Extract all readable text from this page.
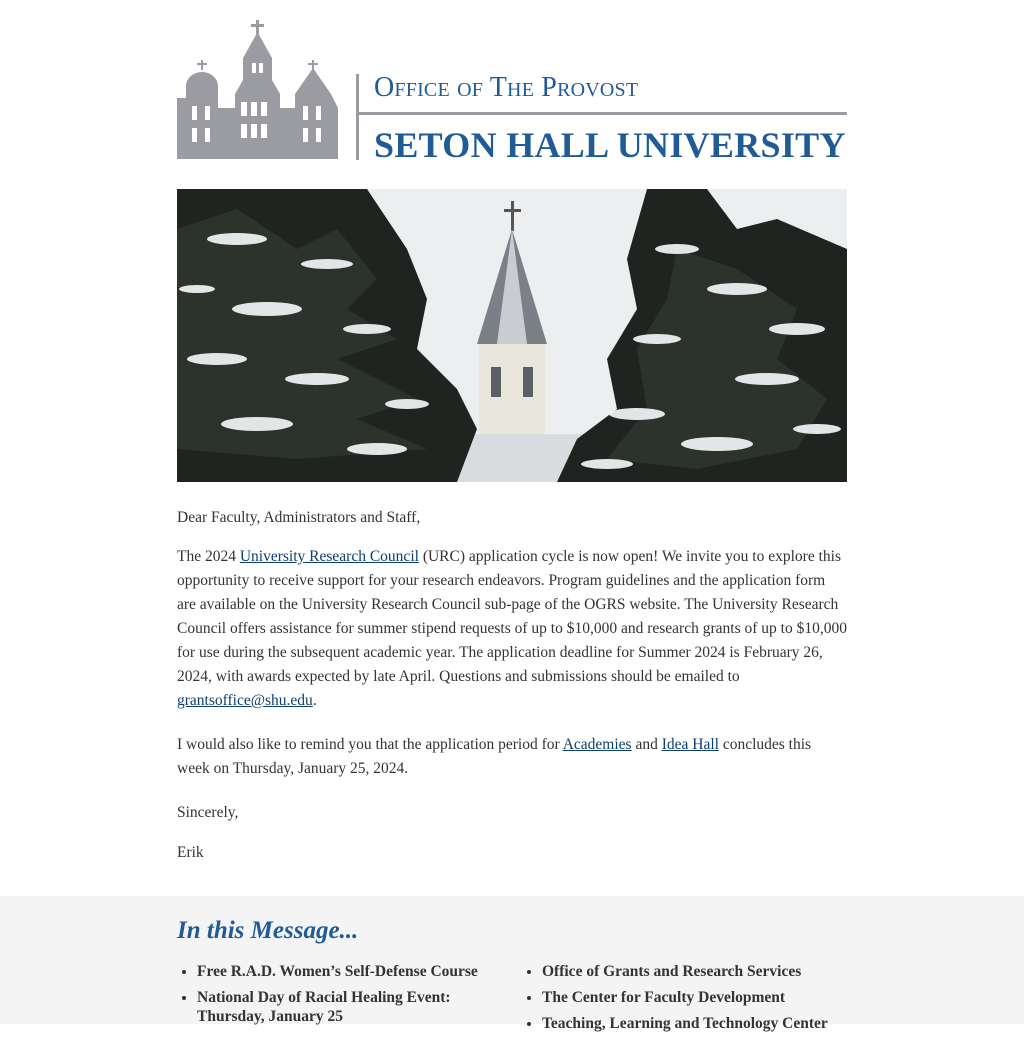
Office of The Provost
SETON HALL UNIVERSITY

Dear Faculty, Administrators and Staff,

The 2024 University Research Council (URC) application cycle is now open! We invite you to explore this opportunity to receive support for your research endeavors. Program guidelines and the application form are available on the University Research Council sub-page of the OGRS website. The University Research Council offers assistance for summer stipend requests of up to $10,000 and research grants of up to $10,000 for use during the subsequent academic year. The application deadline for Summer 2024 is February 26, 2024, with awards expected by late April. Questions and submissions should be emailed to grantsoffice@shu.edu.

I would also like to remind you that the application period for Academies and Idea Hall concludes this week on Thursday, January 25, 2024.

Sincerely,

Erik

In this Message...
• Free R.A.D. Women’s Self-Defense Course
• National Day of Racial Healing Event: Thursday, January 25
• Office of Grants and Research Services
• The Center for Faculty Development
• Teaching, Learning and Technology Center
